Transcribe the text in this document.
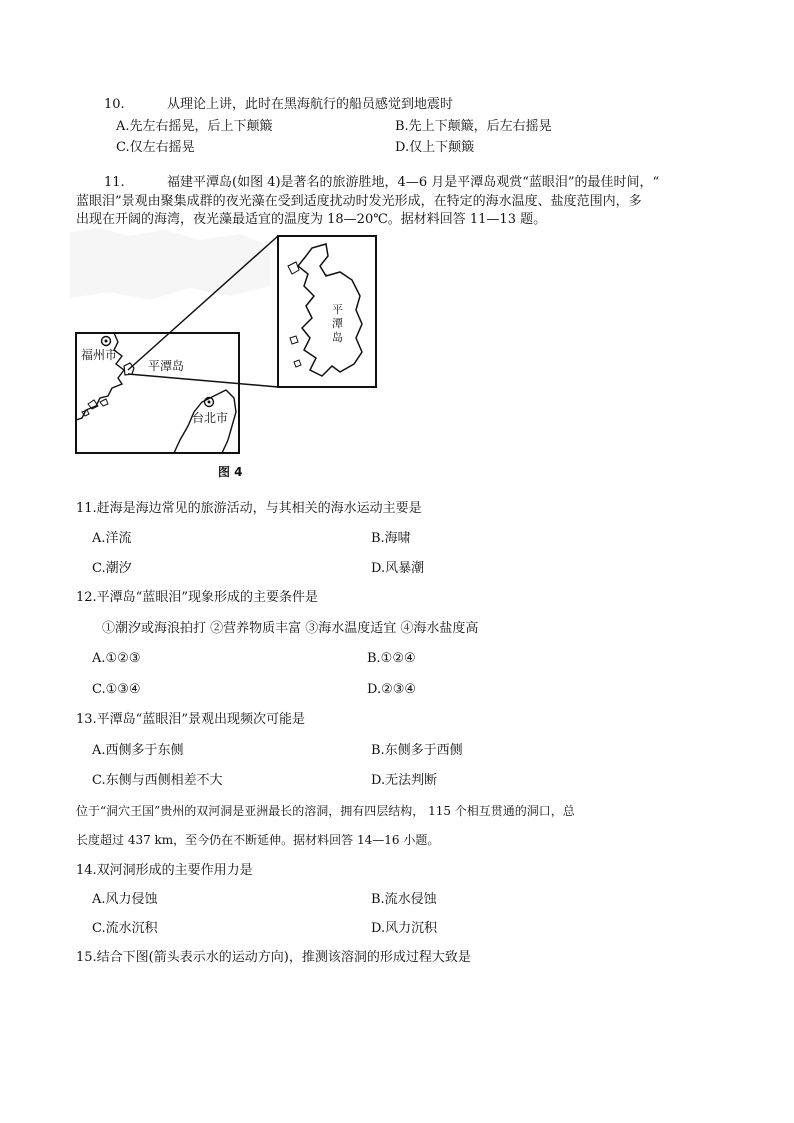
10.	从理论上讲，此时在黑海航行的船员感觉到地震时
A.先左右摇晃，后上下颠簸	B.先上下颠簸，后左右摇晃
C.仅左右摇晃	D.仅上下颠簸
11.	福建平潭岛(如图 4)是著名的旅游胜地，4—6 月是平潭岛观赏“蓝眼泪”的最佳时间，“
蓝眼泪”景观由聚集成群的夜光藻在受到适度扰动时发光形成，在特定的海水温度、盐度范围内，多
出现在开阔的海湾，夜光藻最适宜的温度为 18—20℃。据材料回答 11—13 题。
福州市
平潭岛
台北市
平
潭
岛
图 4
11.赶海是海边常见的旅游活动，与其相关的海水运动主要是
A.洋流	B.海啸
C.潮汐	D.风暴潮
12.平潭岛“蓝眼泪”现象形成的主要条件是
①潮汐或海浪拍打 ②营养物质丰富 ③海水温度适宜 ④海水盐度高
A.①②③	B.①②④
C.①③④	D.②③④
13.平潭岛“蓝眼泪”景观出现频次可能是
A.西侧多于东侧	B.东侧多于西侧
C.东侧与西侧相差不大	D.无法判断
位于“洞穴王国”贵州的双河洞是亚洲最长的溶洞，拥有四层结构， 115 个相互贯通的洞口，总
长度超过 437 km，至今仍在不断延伸。据材料回答 14—16 小题。
14.双河洞形成的主要作用力是
A.风力侵蚀	B.流水侵蚀
C.流水沉积	D.风力沉积
15.结合下图(箭头表示水的运动方向)，推测该溶洞的形成过程大致是
